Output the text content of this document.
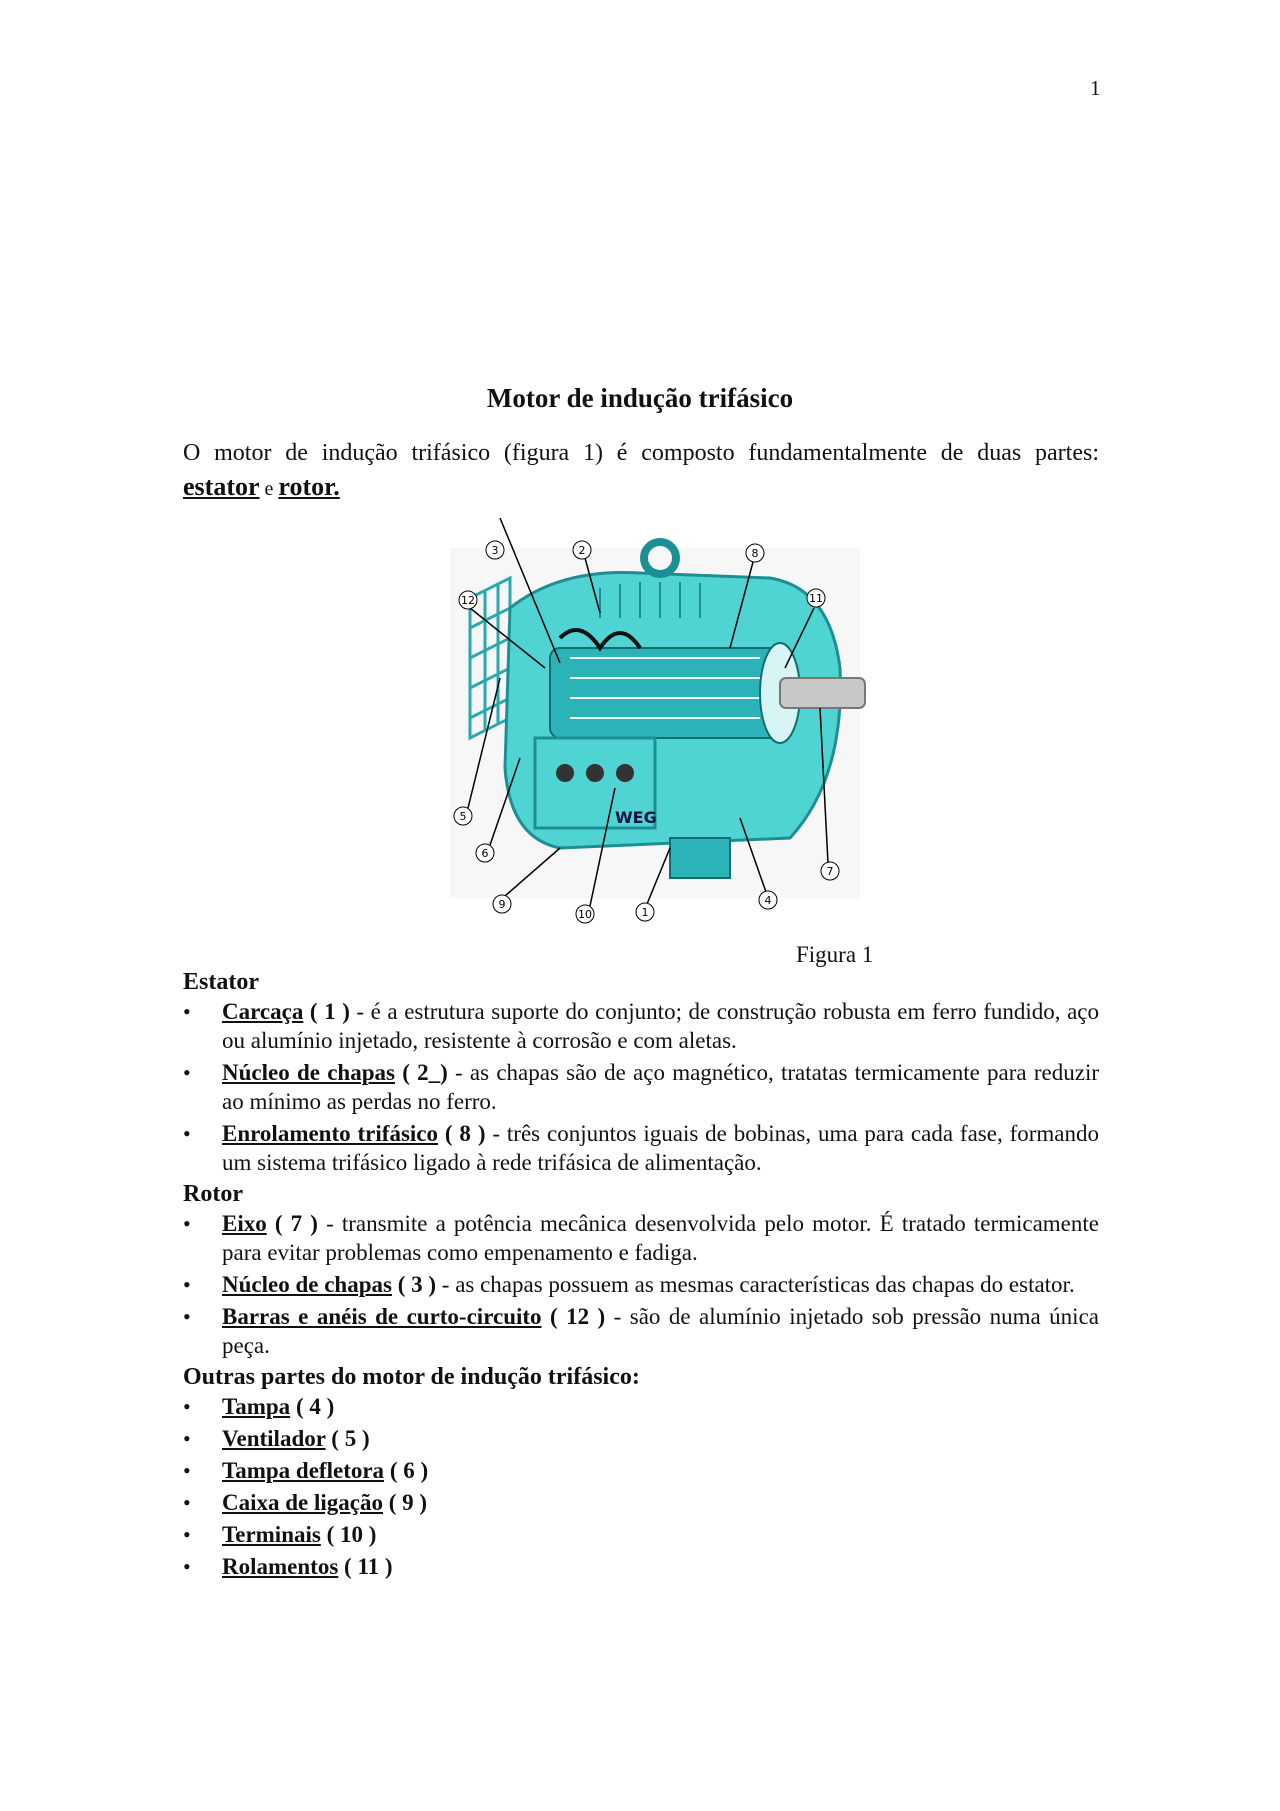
1
Motor de indução trifásico

O motor de indução trifásico (figura 1) é composto fundamentalmente de duas partes:
estator e rotor.

WEG
3	2	8
11
12
5
6
9
10	1
4
7
Figura 1

Estator

• Carcaça ( 1 ) - é a estrutura suporte do conjunto; de construção robusta em ferro fundido, aço ou alumínio injetado, resistente à corrosão e com aletas.
• Núcleo de chapas ( 2_) - as chapas são de aço magnético, tratatas termicamente para reduzir ao mínimo as perdas no ferro.
• Enrolamento trifásico ( 8 ) - três conjuntos iguais de bobinas, uma para cada fase, formando um sistema trifásico ligado à rede trifásica de alimentação.

Rotor

• Eixo ( 7 ) - transmite a potência mecânica desenvolvida pelo motor. É tratado termicamente para evitar problemas como empenamento e fadiga.
• Núcleo de chapas ( 3 ) - as chapas possuem as mesmas características das chapas do estator.
• Barras e anéis de curto-circuito ( 12 ) - são de alumínio injetado sob pressão numa única peça.

Outras partes do motor de indução trifásico:

• Tampa ( 4 )
• Ventilador ( 5 )
• Tampa defletora ( 6 )
• Caixa de ligação ( 9 )
• Terminais ( 10 )
• Rolamentos ( 11 )
